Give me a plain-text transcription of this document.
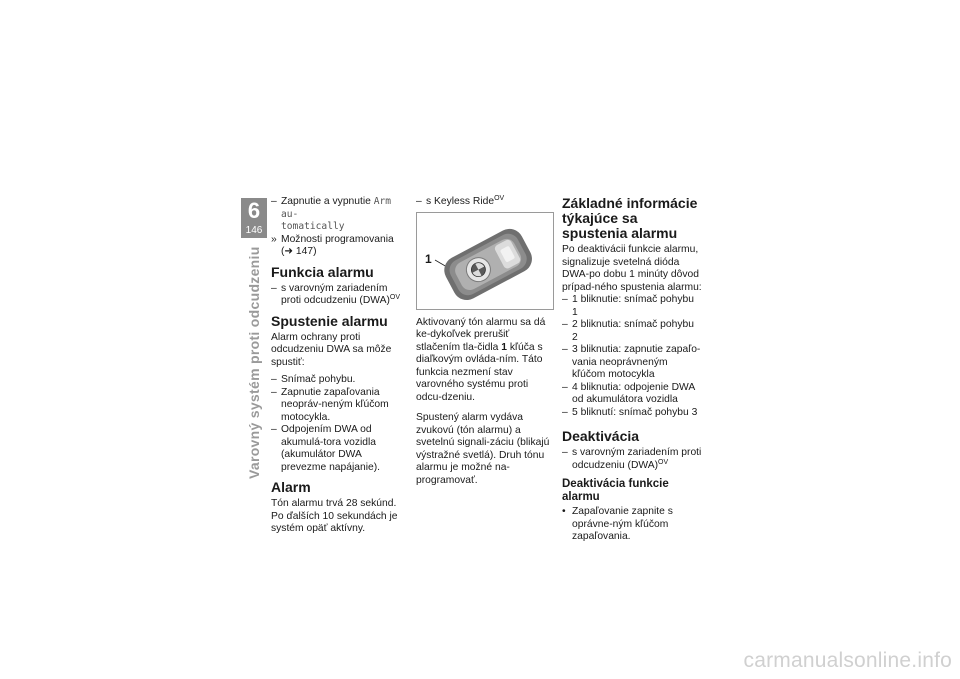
6
146
Varovný systém proti odcudzeniu
– Zapnutie a vypnutie Arm au-
tomatically
» Možnosti programovania
(➜ 147)
Funkcia alarmu
– s varovným zariadením proti odcudzeniu (DWA)$^{OV}$
Spustenie alarmu

Alarm ochrany proti odcudzeniu DWA sa môže spustiť:

– Snímač pohybu.
– Zapnutie zapaľovania neopráv-neným kľúčom motocykla.
– Odpojením DWA od akumulá-tora vozidla (akumulátor DWA prevezme napájanie).
Alarm

Tón alarmu trvá 28 sekúnd. Po ďalších 10 sekundách je systém opäť aktívny.

– s Keyless Ride$^{OV}$
1

Aktivovaný tón alarmu sa dá ke-dykoľvek prerušiť stlačením tla-čidla 1 kľúča s diaľkovým ovláda-ním. Táto funkcia nezmení stav varovného systému proti odcu-dzeniu.

Spustený alarm vydáva zvukovú (tón alarmu) a svetelnú signali-záciu (blikajú výstražné svetlá). Druh tónu alarmu je možné na-programovať.

Základné informácie týkajúce sa spustenia alarmu

Po deaktivácii funkcie alarmu, signalizuje svetelná dióda DWA-po dobu 1 minúty dôvod prípad-ného spustenia alarmu:

– 1 bliknutie: snímač pohybu 1
– 2 bliknutia: snímač pohybu 2
– 3 bliknutia: zapnutie zapaľo-vania neoprávneným kľúčom motocykla
– 4 bliknutia: odpojenie DWA od akumulátora vozidla
– 5 bliknutí: snímač pohybu 3
Deaktivácia
– s varovným zariadením proti odcudzeniu (DWA)$^{OV}$
Deaktivácia funkcie alarmu
• Zapaľovanie zapnite s oprávne-ným kľúčom zapaľovania.
carmanualsonline.info
